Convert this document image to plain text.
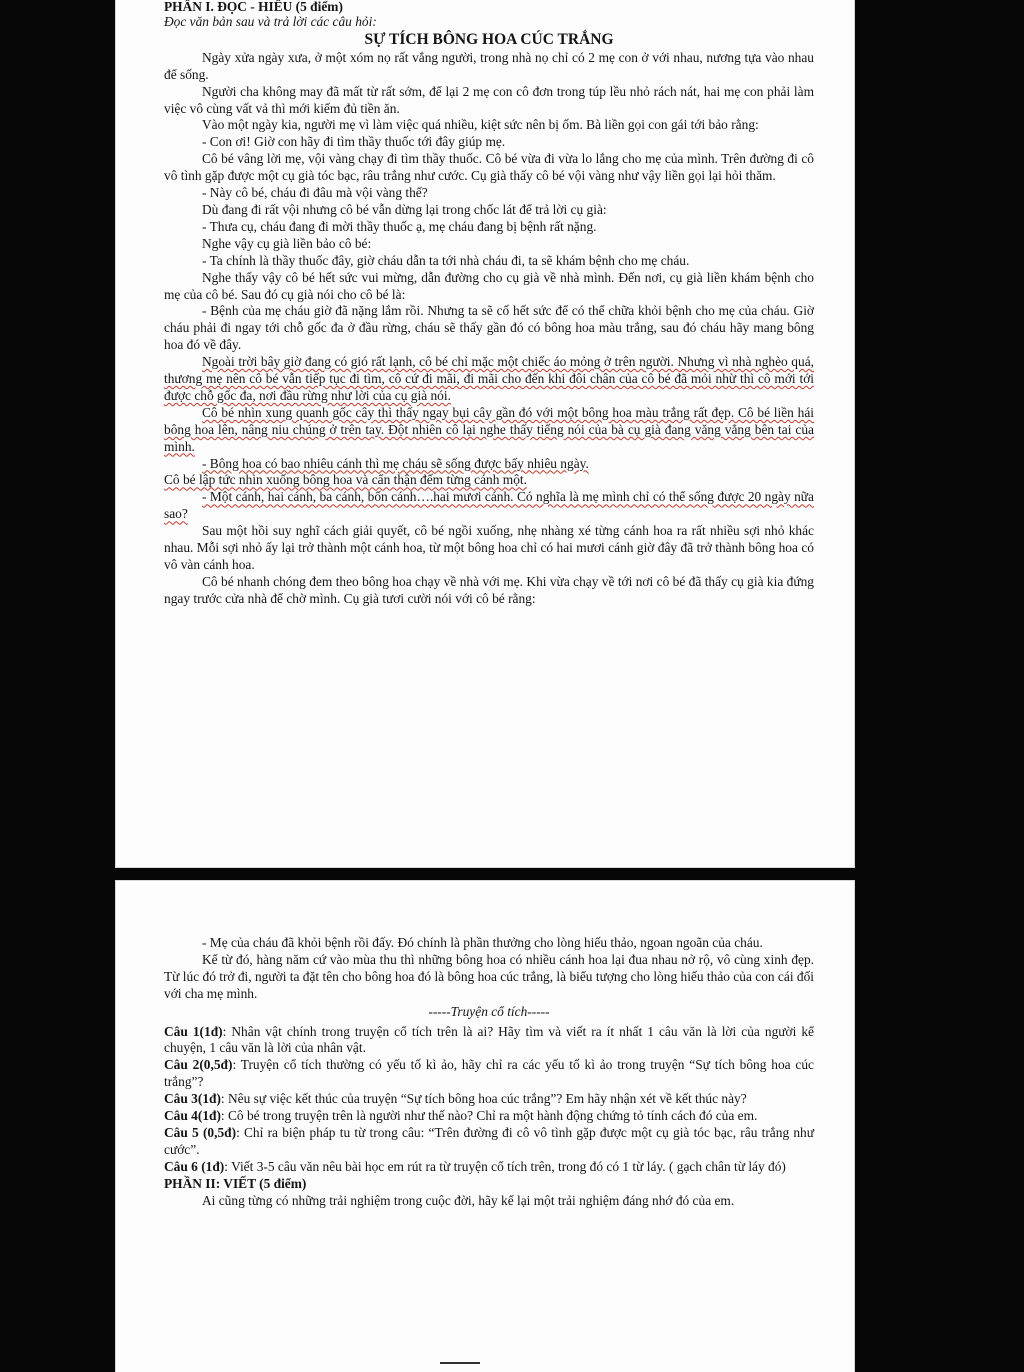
PHẦN I. ĐỌC - HIỂU (5 điểm)

Đọc văn bản sau và trả lời các câu hỏi:

SỰ TÍCH BÔNG HOA CÚC TRẮNG

Ngày xửa ngày xưa, ở một xóm nọ rất vắng người, trong nhà nọ chỉ có 2 mẹ con ở với nhau, nương tựa vào nhau để sống.

Người cha không may đã mất từ rất sớm, để lại 2 mẹ con cô đơn trong túp lều nhỏ rách nát, hai mẹ con phải làm việc vô cùng vất vả thì mới kiếm đủ tiền ăn.

Vào một ngày kia, người mẹ vì làm việc quá nhiều, kiệt sức nên bị ốm. Bà liền gọi con gái tới bảo rằng:

- Con ơi! Giờ con hãy đi tìm thầy thuốc tới đây giúp mẹ.

Cô bé vâng lời mẹ, vội vàng chạy đi tìm thầy thuốc. Cô bé vừa đi vừa lo lắng cho mẹ của mình. Trên đường đi cô vô tình gặp được một cụ già tóc bạc, râu trắng như cước. Cụ già thấy cô bé vội vàng như vậy liền gọi lại hỏi thăm.

- Này cô bé, cháu đi đâu mà vội vàng thế?

Dù đang đi rất vội nhưng cô bé vẫn dừng lại trong chốc lát để trả lời cụ già:

- Thưa cụ, cháu đang đi mời thầy thuốc ạ, mẹ cháu đang bị bệnh rất nặng.

Nghe vậy cụ già liền bảo cô bé:

- Ta chính là thầy thuốc đây, giờ cháu dẫn ta tới nhà cháu đi, ta sẽ khám bệnh cho mẹ cháu.

Nghe thấy vậy cô bé hết sức vui mừng, dẫn đường cho cụ già về nhà mình. Đến nơi, cụ già liền khám bệnh cho mẹ của cô bé. Sau đó cụ già nói cho cô bé là:

- Bệnh của mẹ cháu giờ đã nặng lắm rồi. Nhưng ta sẽ cố hết sức để có thể chữa khỏi bệnh cho mẹ của cháu. Giờ cháu phải đi ngay tới chỗ gốc đa ở đầu rừng, cháu sẽ thấy gần đó có bông hoa màu trắng, sau đó cháu hãy mang bông hoa đó về đây.

Ngoài trời bây giờ đang có gió rất lạnh, cô bé chỉ mặc một chiếc áo mỏng ở trên người. Nhưng vì nhà nghèo quá, thương mẹ nên cô bé vẫn tiếp tục đi tìm, cô cứ đi mãi, đi mãi cho đến khi đôi chân của cô bé đã mỏi nhừ thì cô mới tới được chỗ gốc đa, nơi đầu rừng như lời của cụ già nói.

Cô bé nhìn xung quanh gốc cây thì thấy ngay bụi cây gần đó với một bông hoa màu trắng rất đẹp. Cô bé liền hái bông hoa lên, nâng niu chúng ở trên tay. Đột nhiên cô lại nghe thấy tiếng nói của bà cụ già đang văng vẳng bên tai của mình.

- Bông hoa có bao nhiêu cánh thì mẹ cháu sẽ sống được bấy nhiêu ngày.

Cô bé lập tức nhìn xuống bông hoa và cẩn thận đếm từng cánh một.

- Một cánh, hai cánh, ba cánh, bốn cánh….hai mươi cánh. Có nghĩa là mẹ mình chỉ có thể sống được 20 ngày nữa sao?

Sau một hồi suy nghĩ cách giải quyết, cô bé ngồi xuống, nhẹ nhàng xé từng cánh hoa ra rất nhiều sợi nhỏ khác nhau. Mỗi sợi nhỏ ấy lại trở thành một cánh hoa, từ một bông hoa chỉ có hai mươi cánh giờ đây đã trở thành bông hoa có vô vàn cánh hoa.

Cô bé nhanh chóng đem theo bông hoa chạy về nhà với mẹ. Khi vừa chạy về tới nơi cô bé đã thấy cụ già kia đứng ngay trước cửa nhà để chờ mình. Cụ già tươi cười nói với cô bé rằng:

- Mẹ của cháu đã khỏi bệnh rồi đấy. Đó chính là phần thưởng cho lòng hiếu thảo, ngoan ngoãn của cháu.

Kể từ đó, hàng năm cứ vào mùa thu thì những bông hoa có nhiều cánh hoa lại đua nhau nở rộ, vô cùng xinh đẹp. Từ lúc đó trở đi, người ta đặt tên cho bông hoa đó là bông hoa cúc trắng, là biểu tượng cho lòng hiếu thảo của con cái đối với cha mẹ mình.

-----Truyện cổ tích-----

Câu 1(1đ): Nhân vật chính trong truyện cổ tích trên là ai? Hãy tìm và viết ra ít nhất 1 câu văn là lời của người kể chuyện, 1 câu văn là lời của nhân vật.

Câu 2(0,5đ): Truyện cổ tích thường có yếu tố kì ảo, hãy chỉ ra các yếu tố kì ảo trong truyện “Sự tích bông hoa cúc trắng”?

Câu 3(1đ): Nêu sự việc kết thúc của truyện “Sự tích bông hoa cúc trắng”? Em hãy nhận xét về kết thúc này?

Câu 4(1đ): Cô bé trong truyện trên là người như thế nào? Chỉ ra một hành động chứng tỏ tính cách đó của em.

Câu 5 (0,5đ): Chỉ ra biện pháp tu từ trong câu: “Trên đường đi cô vô tình gặp được một cụ già tóc bạc, râu trắng như cước”.

Câu 6 (1đ): Viết 3-5 câu văn nêu bài học em rút ra từ truyện cổ tích trên, trong đó có 1 từ láy. ( gạch chân từ láy đó)

PHẦN II: VIẾT (5 điểm)

Ai cũng từng có những trải nghiệm trong cuộc đời, hãy kể lại một trải nghiệm đáng nhớ đó của em.
